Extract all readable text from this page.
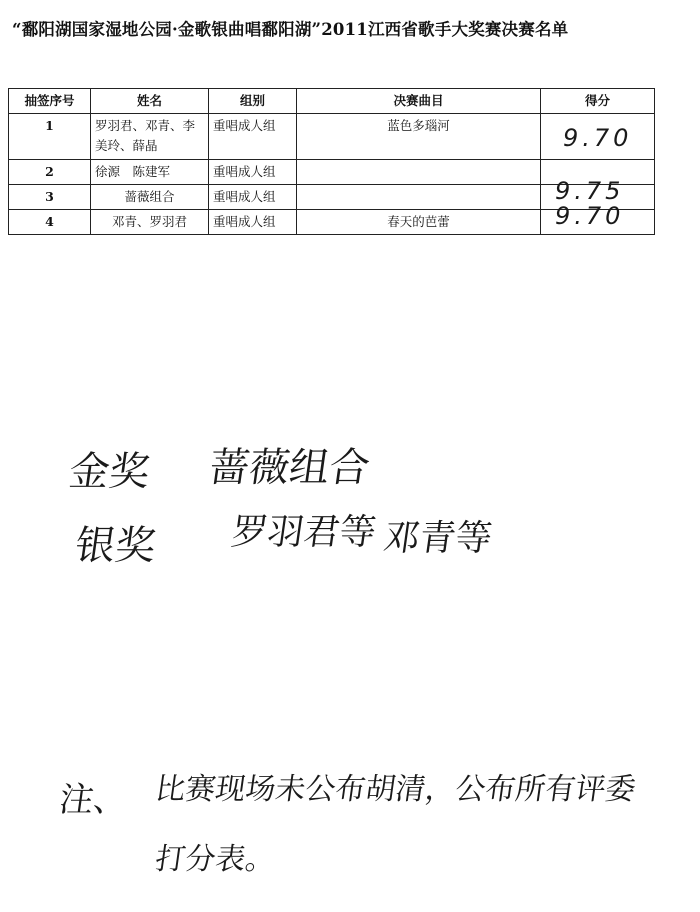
“鄱阳湖国家湿地公园·金歌银曲唱鄱阳湖”2011江西省歌手大奖赛决赛名单
抽签序号	姓名	组别	决赛曲目	得分
1	罗羽君、邓青、李美玲、薛晶	重唱成人组	蓝色多瑙河	9.70

2	徐源　陈建军	重唱成人组		

3	蔷薇组合	重唱成人组		9.75

4	邓青、罗羽君	重唱成人组	春天的芭蕾	9.70
金奖 蔷薇组合
银奖 罗羽君等 邓青等
注、 比赛现场未公布胡清，公布所有评委
打分表。
